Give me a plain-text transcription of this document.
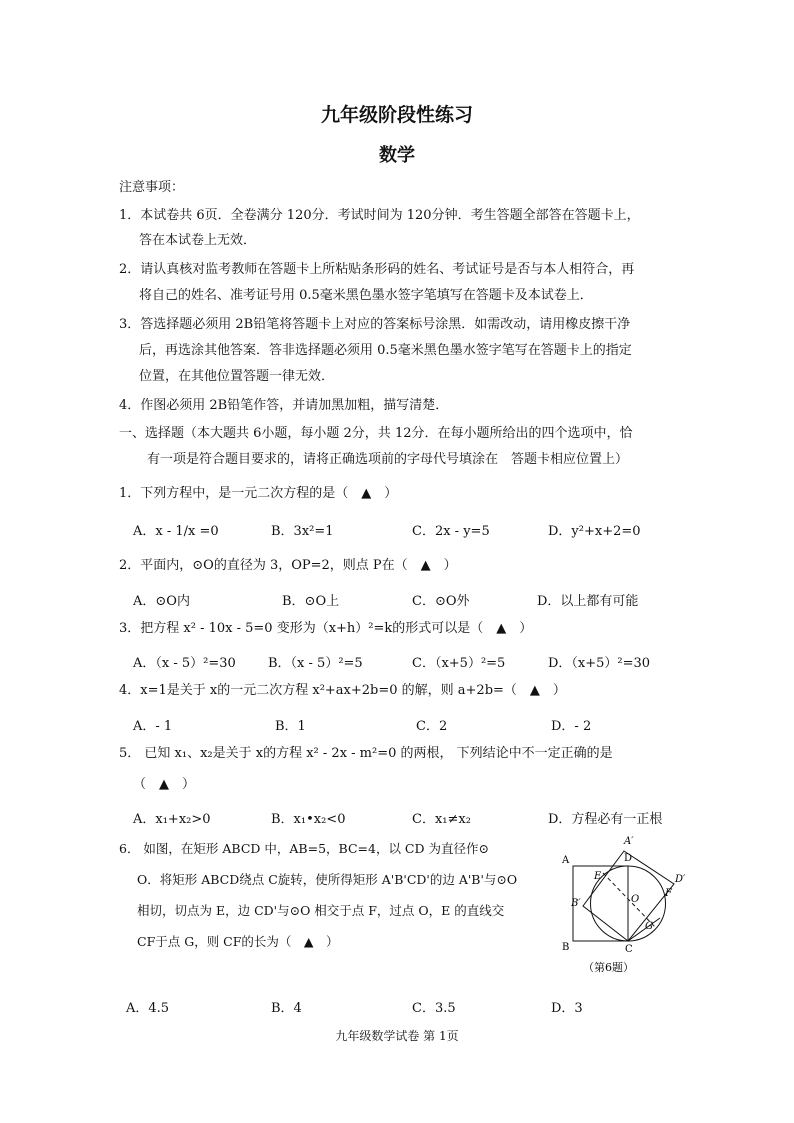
九年级阶段性练习
数学
注意事项：
1．本试卷共 6页．全卷满分 120分．考试时间为 120分钟．考生答题全部答在答题卡上，
答在本试卷上无效．
2．请认真核对监考教师在答题卡上所粘贴条形码的姓名、考试证号是否与本人相符合，再
将自己的姓名、准考证号用 0.5毫米黑色墨水签字笔填写在答题卡及本试卷上．
3．答选择题必须用 2B铅笔将答题卡上对应的答案标号涂黑．如需改动，请用橡皮擦干净
后，再选涂其他答案．答非选择题必须用 0.5毫米黑色墨水签字笔写在答题卡上的指定
位置，在其他位置答题一律无效．
4．作图必须用 2B铅笔作答，并请加黑加粗，描写清楚．
一、选择题（本大题共 6小题，每小题 2分，共 12分．在每小题所给出的四个选项中，恰
有一项是符合题目要求的，请将正确选项前的字母代号填涂在　答题卡相应位置上）
1．下列方程中，是一元二次方程的是（　▲　）
A．x - 1/x =0	B．3x²=1	C．2x - y=5	D．y²+x+2=0
2．平面内，⊙O的直径为 3，OP=2，则点 P在（　▲　）
A．⊙O内	B．⊙O上	C．⊙O外	D．以上都有可能
3．把方程 x² - 10x - 5=0 变形为（x+h）²=k的形式可以是（　▲　）
A．（x - 5）²=30 B．（x - 5）²=5	C．（x+5）²=5	D．（x+5）²=30
4．x=1是关于 x的一元二次方程 x²+ax+2b=0 的解，则 a+2b=（　▲　）
A．- 1	B．1	C．2	D．- 2
5． 已知 x₁、x₂是关于 x的方程 x² - 2x - m²=0 的两根， 下列结论中不一定正确的是
（　▲　）
A．x₁+x₂>0	B．x₁•x₂<0	C．x₁≠x₂	D．方程必有一正根
6． 如图，在矩形 ABCD 中，AB=5，BC=4，以 CD 为直径作⊙
O．将矩形 ABCD绕点 C旋转，使所得矩形 A'B'CD'的边 A'B'与⊙O
相切，切点为 E，边 CD'与⊙O 相交于点 F，过点 O，E 的直线交
CF于点 G，则 CF的长为（　▲　）
A
B	C
D
O
E
F
G
A′
B′
D′
（第6题）
A．4.5	B．4	C．3.5	D．3
九年级数学试卷 第 1页
